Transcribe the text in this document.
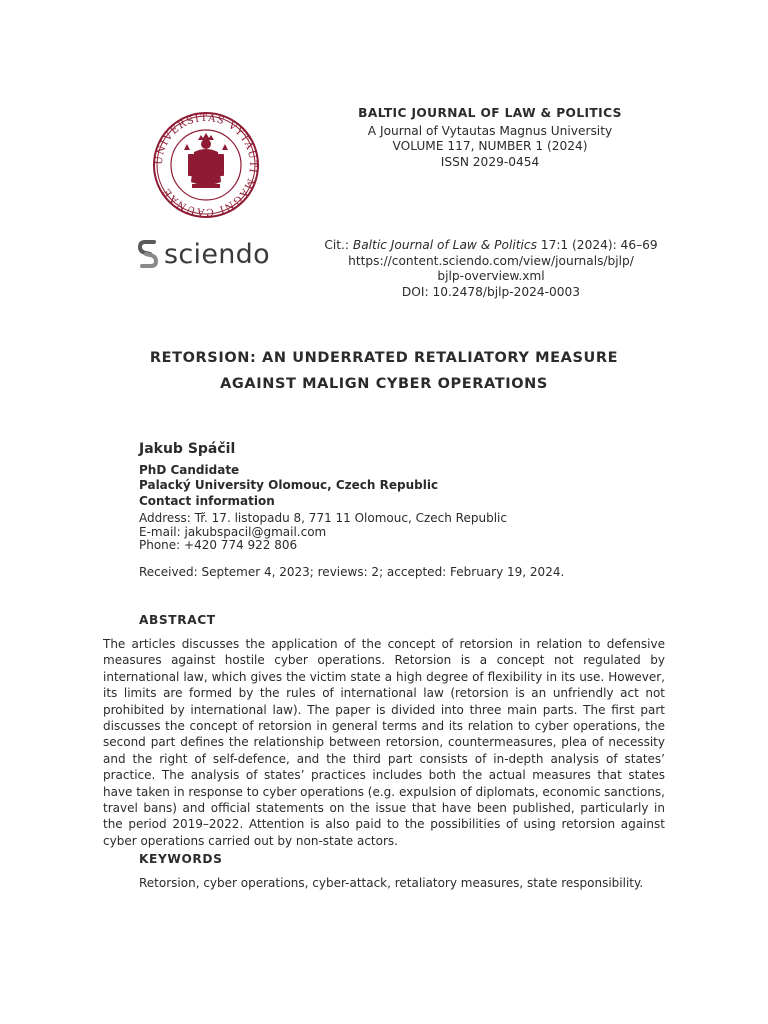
UNIVERSITAS VYTAUTI MAGNI CAUNAE
BALTIC JOURNAL OF LAW & POLITICS
A Journal of Vytautas Magnus University
VOLUME 117, NUMBER 1 (2024)
ISSN 2029-0454
sciendo	Cit.: Baltic Journal of Law & Politics 17:1 (2024): 46–69
https://content.sciendo.com/view/journals/bjlp/
bjlp-overview.xml
DOI: 10.2478/bjlp-2024-0003
RETORSION: AN UNDERRATED RETALIATORY MEASURE
AGAINST MALIGN CYBER OPERATIONS
Jakub Spáčil
PhD Candidate
Palacký University Olomouc, Czech Republic
Contact information
Address: Tř. 17. listopadu 8, 771 11 Olomouc, Czech Republic
E-mail: jakubspacil@gmail.com
Phone: +420 774 922 806
Received: Septemer 4, 2023; reviews: 2; accepted: February 19, 2024.
ABSTRACT
The articles discusses the application of the concept of retorsion in relation to defensive measures against hostile cyber operations. Retorsion is a concept not regulated by international law, which gives the victim state a high degree of flexibility in its use. However, its limits are formed by the rules of international law (retorsion is an unfriendly act not prohibited by international law). The paper is divided into three main parts. The first part discusses the concept of retorsion in general terms and its relation to cyber operations, the second part defines the relationship between retorsion, countermeasures, plea of necessity and the right of self-defence, and the third part consists of in-depth analysis of states’ practice. The analysis of states’ practices includes both the actual measures that states have taken in response to cyber operations (e.g. expulsion of diplomats, economic sanctions, travel bans) and official statements on the issue that have been published, particularly in the period 2019–2022. Attention is also paid to the possibilities of using retorsion against cyber operations carried out by non-state actors.
KEYWORDS
Retorsion, cyber operations, cyber-attack, retaliatory measures, state responsibility.
